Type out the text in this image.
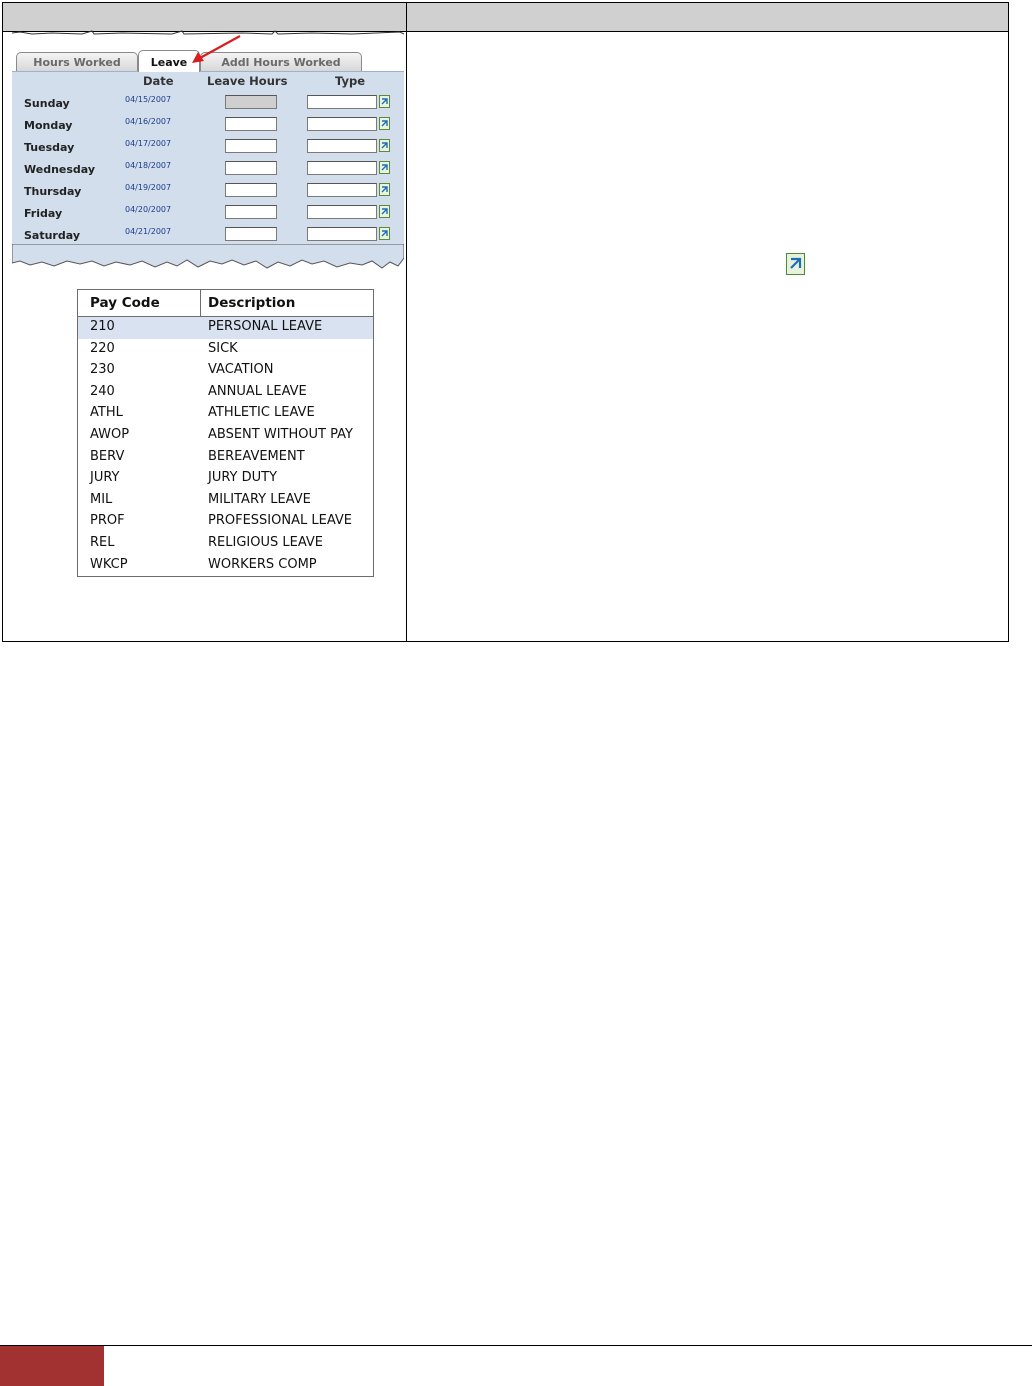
Hours Worked	Leave	Addl Hours Worked
Date	Leave Hours	Type
Sunday	04/15/2007
Monday	04/16/2007
Tuesday	04/17/2007
Wednesday	04/18/2007
Thursday	04/19/2007
Friday	04/20/2007
Saturday	04/21/2007
Pay Code	Description
210	PERSONAL LEAVE
220	SICK
230	VACATION
240	ANNUAL LEAVE
ATHL	ATHLETIC LEAVE
AWOP	ABSENT WITHOUT PAY
BERV	BEREAVEMENT
JURY	JURY DUTY
MIL	MILITARY LEAVE
PROF	PROFESSIONAL LEAVE
REL	RELIGIOUS LEAVE
WKCP	WORKERS COMP
